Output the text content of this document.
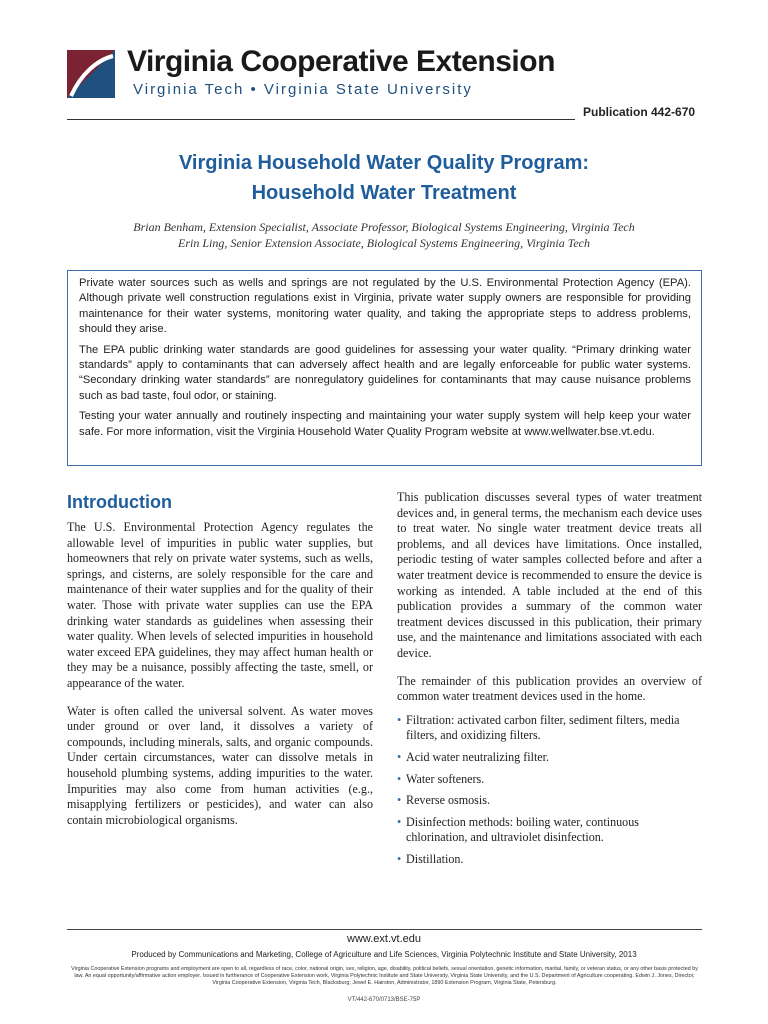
Virginia Cooperative Extension
Virginia Tech • Virginia State University
Publication 442-670
Virginia Household Water Quality Program:
Household Water Treatment
Brian Benham, Extension Specialist, Associate Professor, Biological Systems Engineering, Virginia Tech
Erin Ling, Senior Extension Associate, Biological Systems Engineering, Virginia Tech

Private water sources such as wells and springs are not regulated by the U.S. Environmental Protection Agency (EPA). Although private well construction regulations exist in Virginia, private water supply owners are responsible for providing maintenance for their water systems, monitoring water quality, and taking the appropriate steps to address problems, should they arise.

The EPA public drinking water standards are good guidelines for assessing your water quality. “Primary drinking water standards” apply to contaminants that can adversely affect health and are legally enforceable for public water systems. “Secondary drinking water standards” are nonregulatory guidelines for contaminants that may cause nuisance problems such as bad taste, foul odor, or staining.

Testing your water annually and routinely inspecting and maintaining your water supply system will help keep your water safe. For more information, visit the Virginia Household Water Quality Program website at www.wellwater.bse.vt.edu.

Introduction

The U.S. Environmental Protection Agency regulates the allowable level of impurities in public water supplies, but homeowners that rely on private water systems, such as wells, springs, and cisterns, are solely responsible for the care and maintenance of their water supplies and for the quality of their water. Those with private water supplies can use the EPA drinking water standards as guidelines when assessing their water quality. When levels of selected impurities in household water exceed EPA guidelines, they may affect human health or they may be a nuisance, possibly affecting the taste, smell, or appearance of the water.

Water is often called the universal solvent. As water moves under ground or over land, it dissolves a variety of compounds, including minerals, salts, and organic compounds. Under certain circumstances, water can dissolve metals in household plumbing systems, adding impurities to the water. Impurities may also come from human activities (e.g., misapplying fertilizers or pesticides), and water can also contain microbiological organisms.

This publication discusses several types of water treatment devices and, in general terms, the mechanism each device uses to treat water. No single water treatment device treats all problems, and all devices have limitations. Once installed, periodic testing of water samples collected before and after a water treatment device is recommended to ensure the device is working as intended. A table included at the end of this publication provides a summary of the common water treatment devices discussed in this publication, their primary use, and the maintenance and limitations associated with each device.

The remainder of this publication provides an overview of common water treatment devices used in the home.

• Filtration: activated carbon filter, sediment filters, media filters, and oxidizing filters.
• Acid water neutralizing filter.
• Water softeners.
• Reverse osmosis.
• Disinfection methods: boiling water, continuous chlorination, and ultraviolet disinfection.
• Distillation.
www.ext.vt.edu
Produced by Communications and Marketing, College of Agriculture and Life Sciences, Virginia Polytechnic Institute and State University, 2013
Virginia Cooperative Extension programs and employment are open to all, regardless of race, color, national origin, sex, religion, age, disability, political beliefs, sexual orientation, genetic information, marital, family, or veteran status, or any other basis protected by law. An equal opportunity/affirmative action employer. Issued in furtherance of Cooperative Extension work, Virginia Polytechnic Institute and State University, Virginia State University, and the U.S. Department of Agriculture cooperating. Edwin J. Jones, Director, Virginia Cooperative Extension, Virginia Tech, Blacksburg; Jewel E. Hairston, Administrator, 1890 Extension Program, Virginia State, Petersburg.
VT/442-670/0713/BSE-75P
